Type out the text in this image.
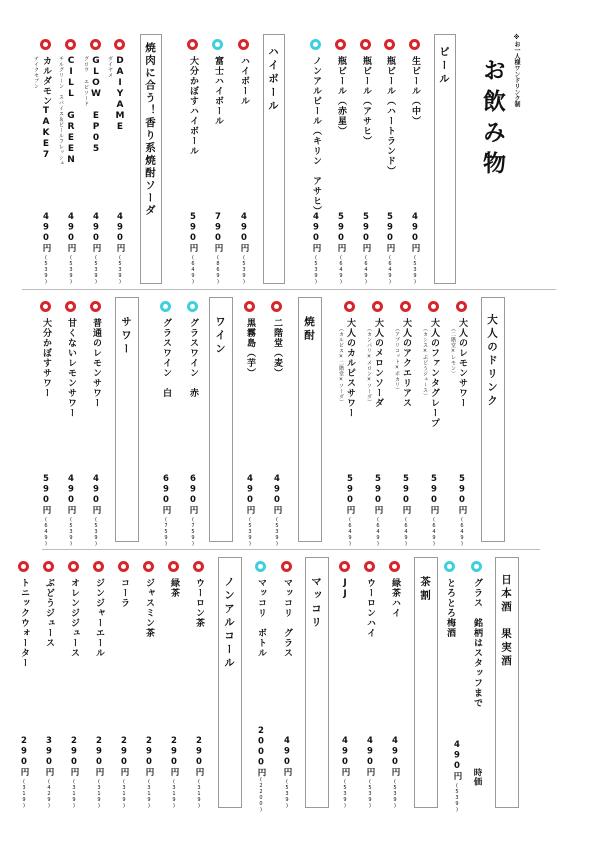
※お一人様ワンドリンク制
お飲み物
ビール
生ビール（中）
490円
(539)
瓶ビール（ハートランド）
590円
(649)
瓶ビール（アサヒ）
590円
(649)
瓶ビール（赤星）
590円
(649)
ノンアルビール（キリン　アサヒ）
490円
(539)
ハイボール
ハイボール
490円
(539)
富士ハイボール
790円
(869)
大分かぼすハイボール
590円
(649)
焼肉に合う！香り系焼酎ソーダ
DAIYAME
ダイヤメ
490円
(539)
GLOW EP05
グロウ エピソード
490円
(539)
CILL GREEN
チルグリーン　スパイス＆ピールフレッシュ
490円
(539)
カルダモンTAKE7
テイクセブン
490円
(539)
大人のドリンク
大人のレモンサワー
（二階堂×レモン）
590円
(649)
大人のファンタグレープ
（カシス×ぶどうジュース）
590円
(649)
大人のアクエリアス
（アプリコット×ポカリ）
590円
(649)
大人のメロンソーダ
（カンパリ×メロン×ソーダ）
590円
(649)
大人のカルピスサワー
（カルピス×二階堂×ソーダ）
590円
(649)
焼酎
二階堂（麦）
490円
(539)
黒霧島（芋）
490円
(539)
ワイン
グラスワイン　赤
690円
(759)
グラスワイン　白
690円
(759)
サワー
普通のレモンサワー
490円
(539)
甘くないレモンサワー
490円
(539)
大分かぼすサワー
590円
(649)
日本酒　果実酒
グラス　銘柄はスタッフまで
時価
とろとろ梅酒
490円
(539)
茶割
緑茶ハイ
490円
(539)
ウーロンハイ
490円
(539)
JJ
490円
(539)
マッコリ
マッコリ　グラス
490円
(539)
マッコリ　ボトル
2000円
(2200)
ノンアルコール
ウーロン茶
290円
(319)
緑茶
290円
(319)
ジャスミン茶
290円
(319)
コーラ
290円
(319)
ジンジャーエール
290円
(319)
オレンジジュース
290円
(319)
ぶどうジュース
390円
(429)
トニックウォーター
290円
(319)
